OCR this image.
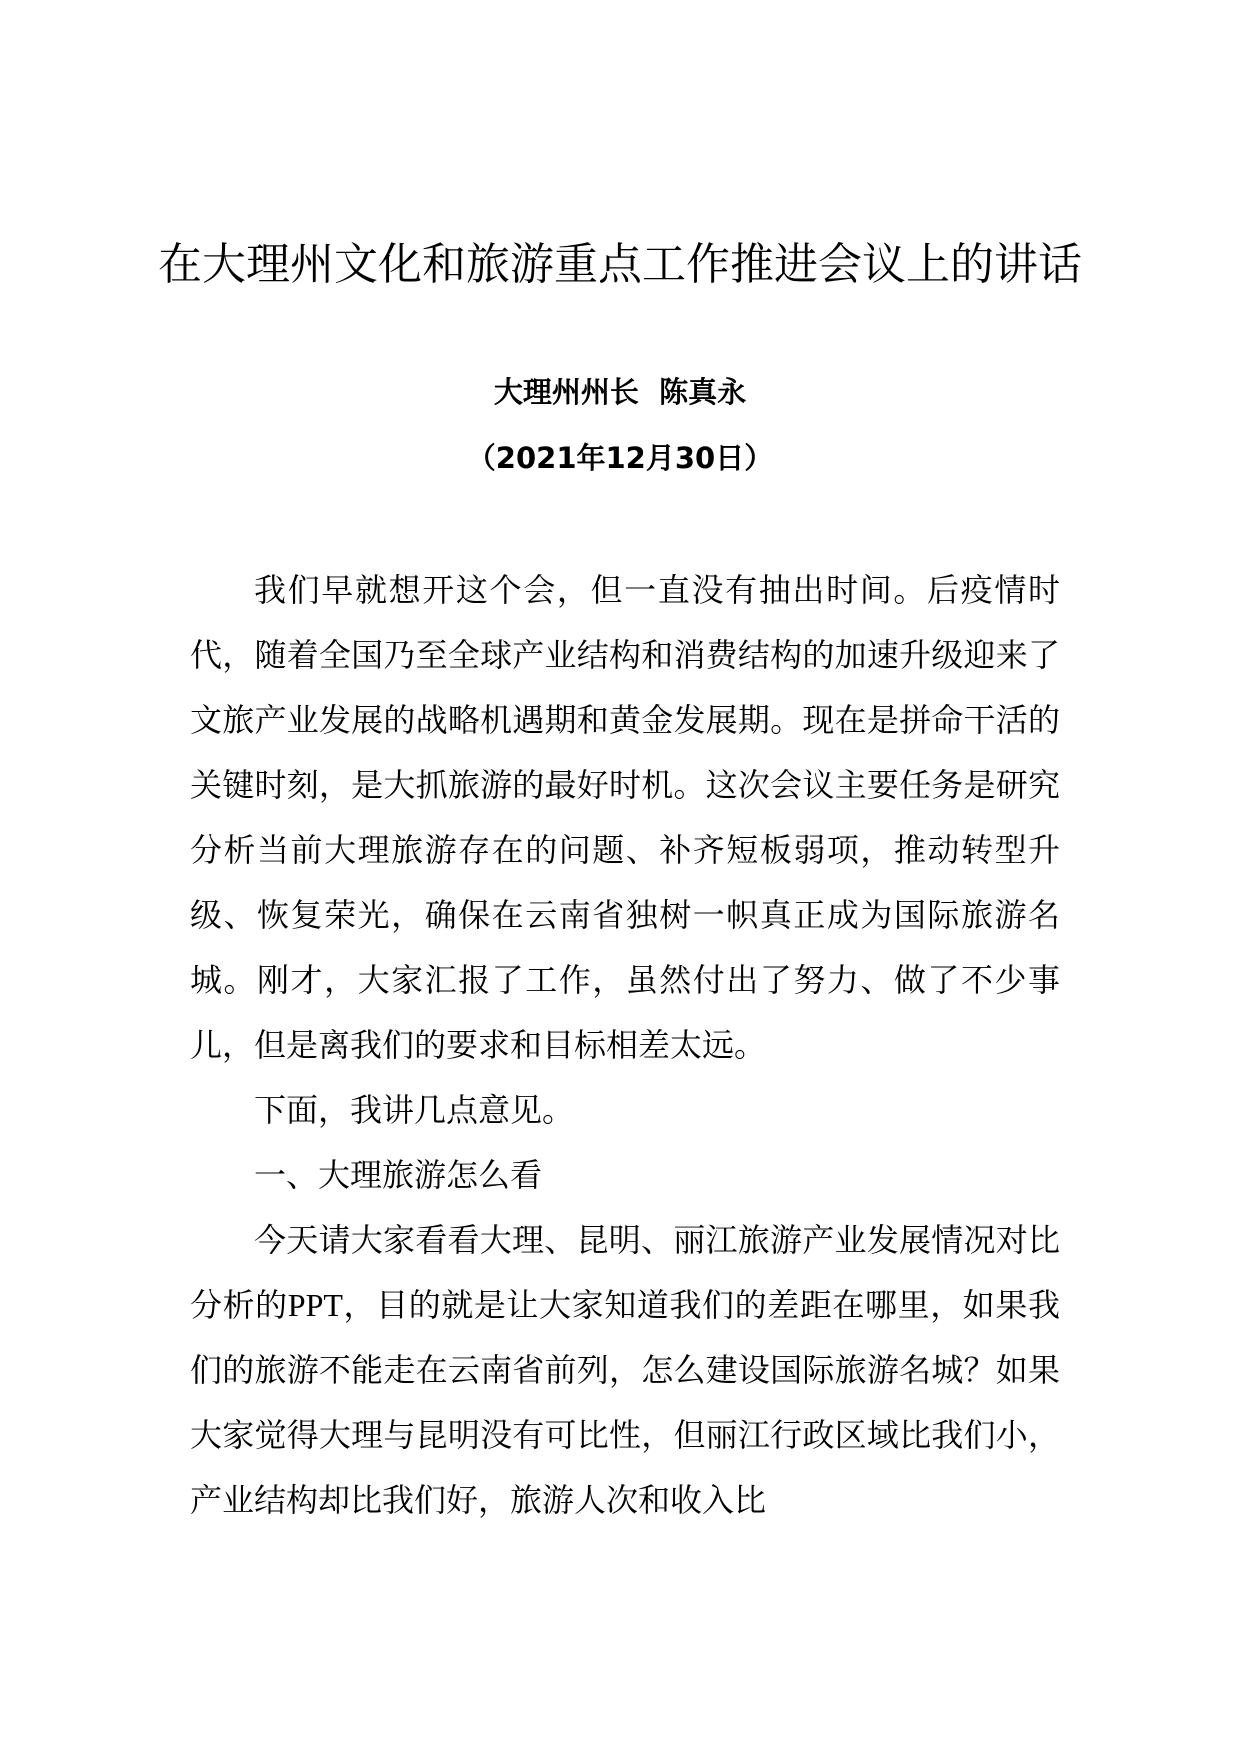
在大理州文化和旅游重点工作推进会议上的讲话
大理州州长  陈真永
（2021年12月30日）

我们早就想开这个会，但一直没有抽出时间。后疫情时代，随着全国乃至全球产业结构和消费结构的加速升级迎来了文旅产业发展的战略机遇期和黄金发展期。现在是拼命干活的关键时刻，是大抓旅游的最好时机。这次会议主要任务是研究分析当前大理旅游存在的问题、补齐短板弱项，推动转型升级、恢复荣光，确保在云南省独树一帜真正成为国际旅游名城。刚才，大家汇报了工作，虽然付出了努力、做了不少事儿，但是离我们的要求和目标相差太远。

下面，我讲几点意见。

一、大理旅游怎么看

今天请大家看看大理、昆明、丽江旅游产业发展情况对比分析的PPT，目的就是让大家知道我们的差距在哪里，如果我们的旅游不能走在云南省前列，怎么建设国际旅游名城？如果大家觉得大理与昆明没有可比性，但丽江行政区域比我们小，产业结构却比我们好，旅游人次和收入比
